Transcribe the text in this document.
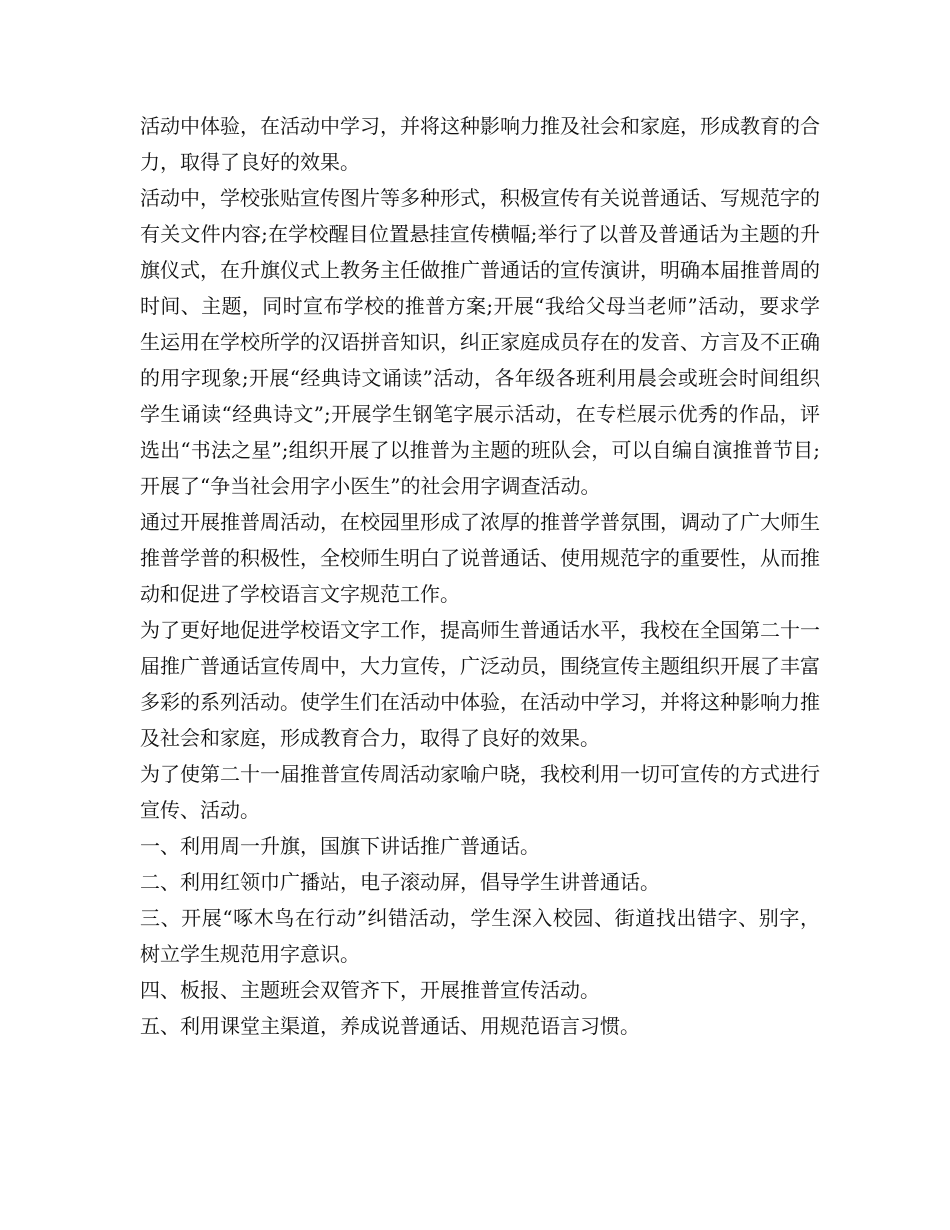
活动中体验，在活动中学习，并将这种影响力推及社会和家庭，形成教育的合力，取得了良好的效果。

活动中，学校张贴宣传图片等多种形式，积极宣传有关说普通话、写规范字的有关文件内容;在学校醒目位置悬挂宣传横幅;举行了以普及普通话为主题的升旗仪式，在升旗仪式上教务主任做推广普通话的宣传演讲，明确本届推普周的时间、主题，同时宣布学校的推普方案;开展“我给父母当老师”活动，要求学生运用在学校所学的汉语拼音知识，纠正家庭成员存在的发音、方言及不正确的用字现象;开展“经典诗文诵读”活动，各年级各班利用晨会或班会时间组织学生诵读“经典诗文”;开展学生钢笔字展示活动，在专栏展示优秀的作品，评选出“书法之星”;组织开展了以推普为主题的班队会，可以自编自演推普节目;开展了“争当社会用字小医生”的社会用字调查活动。

通过开展推普周活动，在校园里形成了浓厚的推普学普氛围，调动了广大师生推普学普的积极性，全校师生明白了说普通话、使用规范字的重要性，从而推动和促进了学校语言文字规范工作。

为了更好地促进学校语文字工作，提高师生普通话水平，我校在全国第二十一届推广普通话宣传周中，大力宣传，广泛动员，围绕宣传主题组织开展了丰富多彩的系列活动。使学生们在活动中体验，在活动中学习，并将这种影响力推及社会和家庭，形成教育合力，取得了良好的效果。

为了使第二十一届推普宣传周活动家喻户晓，我校利用一切可宣传的方式进行宣传、活动。

一、利用周一升旗，国旗下讲话推广普通话。

二、利用红领巾广播站，电子滚动屏，倡导学生讲普通话。

三、开展“啄木鸟在行动”纠错活动，学生深入校园、街道找出错字、别字，树立学生规范用字意识。

四、板报、主题班会双管齐下，开展推普宣传活动。

五、利用课堂主渠道，养成说普通话、用规范语言习惯。
